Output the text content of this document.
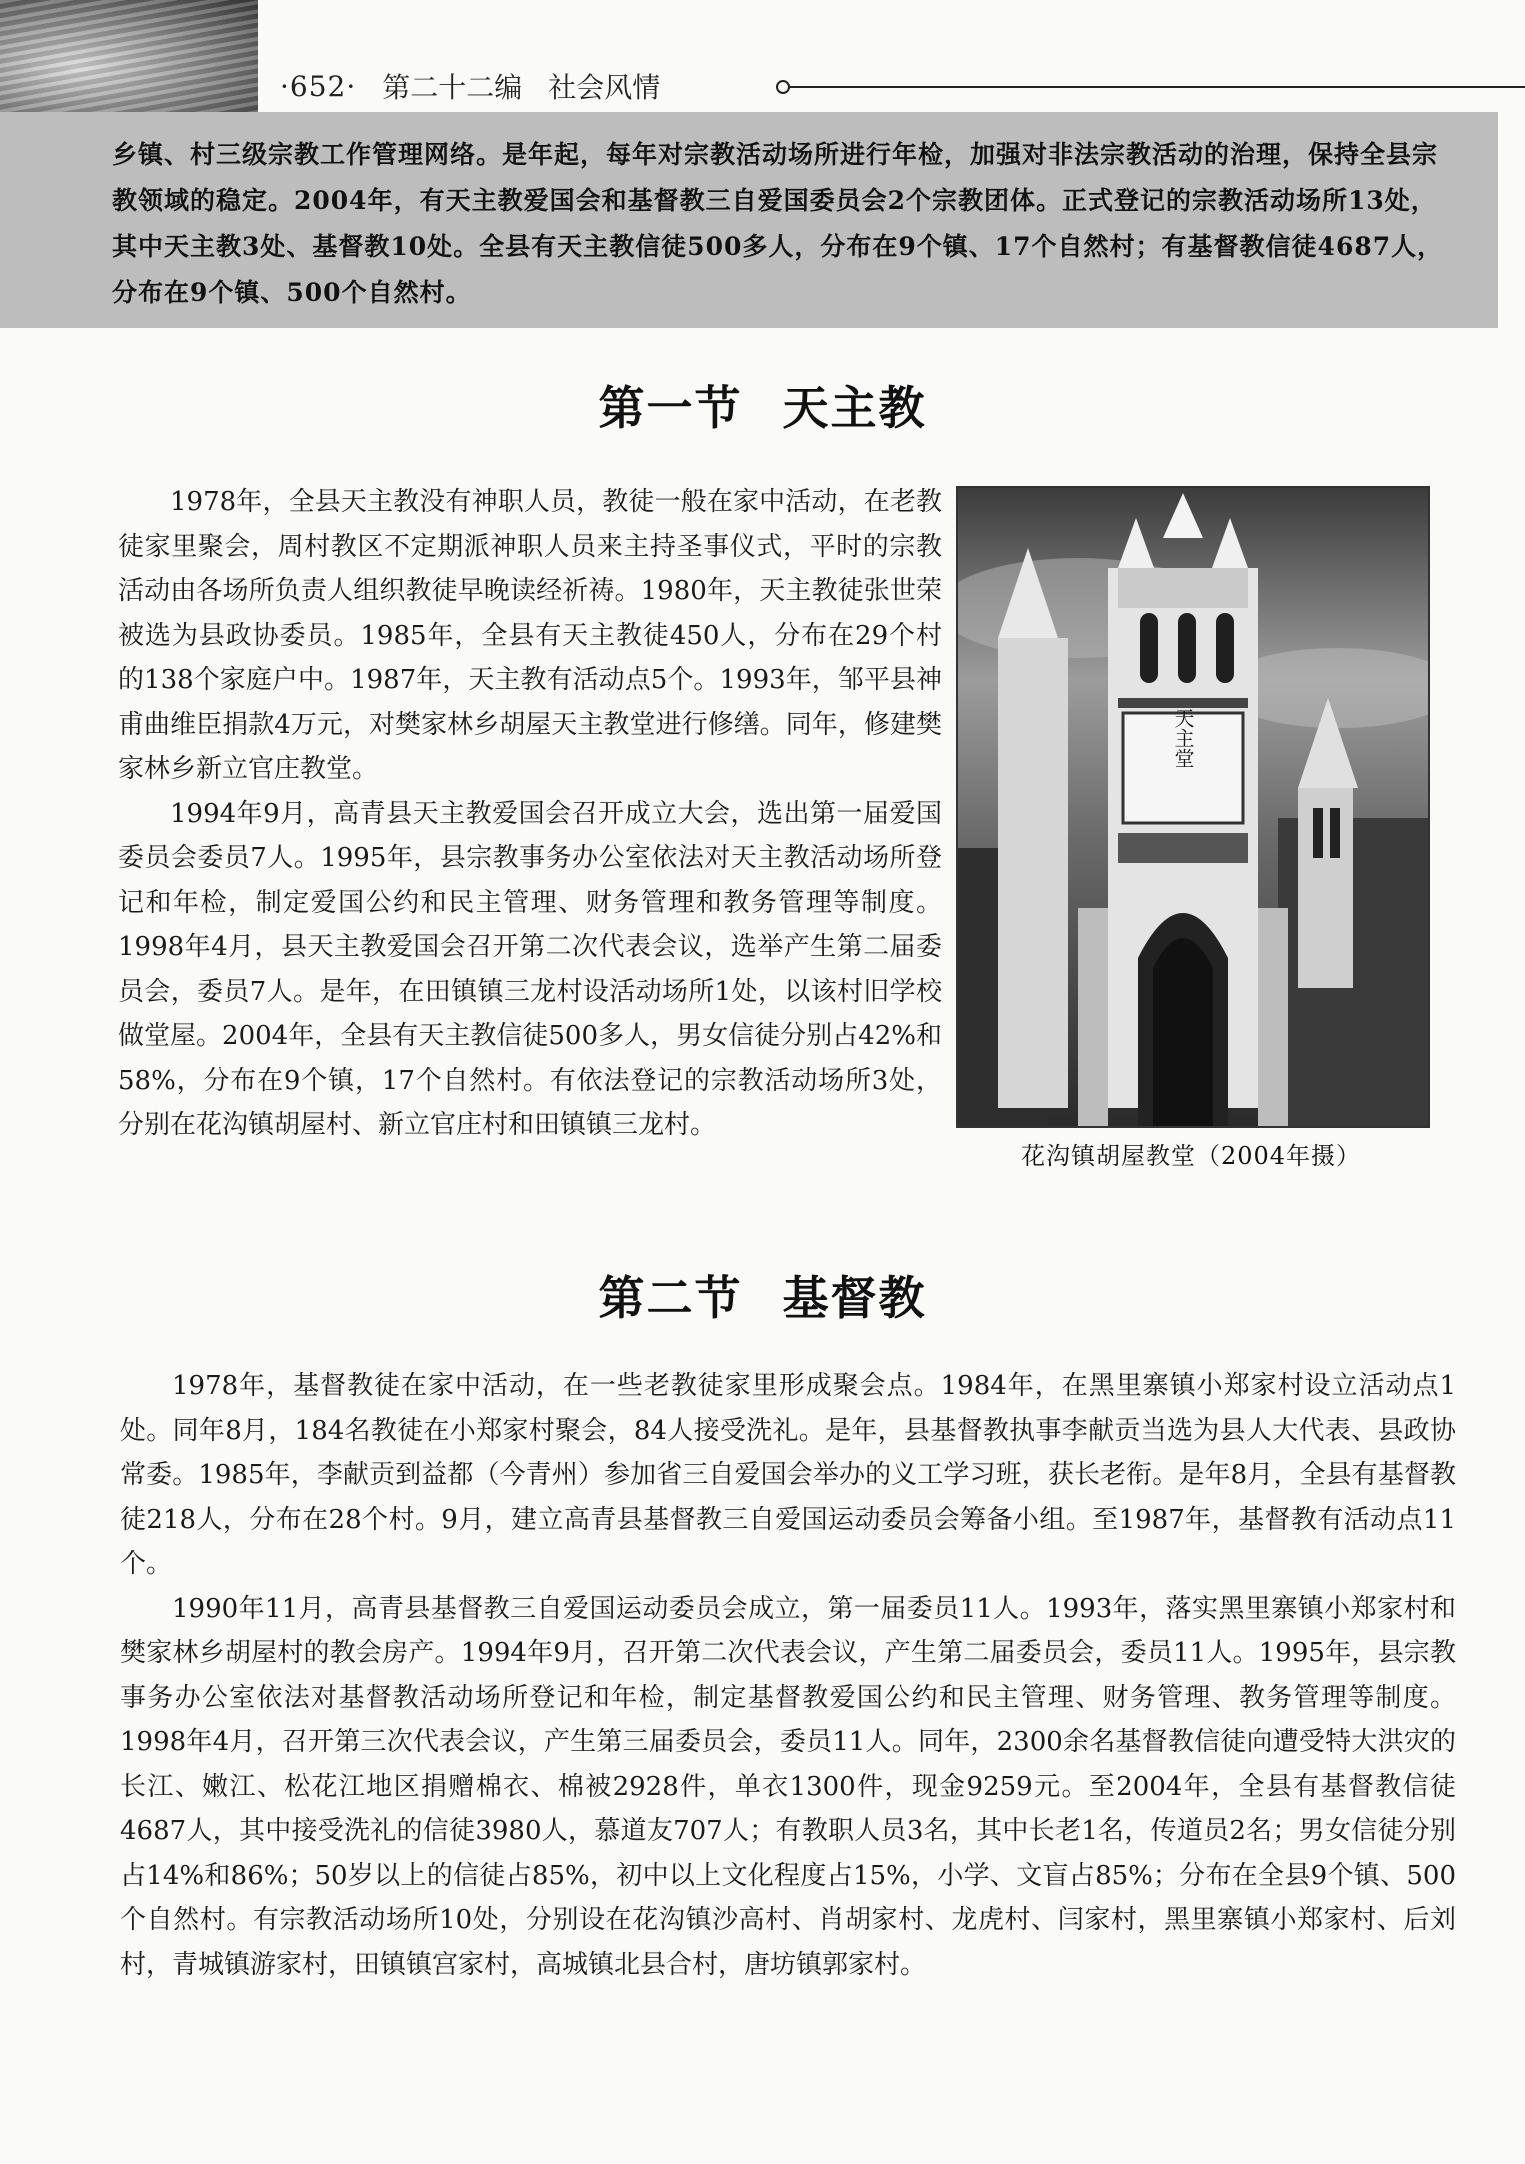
·652· 第二十二编 社会风情

乡镇、村三级宗教工作管理网络。是年起，每年对宗教活动场所进行年检，加强对非法宗教活动的治理，保持全县宗教领域的稳定。2004年，有天主教爱国会和基督教三自爱国委员会2个宗教团体。正式登记的宗教活动场所13处，其中天主教3处、基督教10处。全县有天主教信徒500多人，分布在9个镇、17个自然村；有基督教信徒4687人，分布在9个镇、500个自然村。

第一节 天主教

1978年，全县天主教没有神职人员，教徒一般在家中活动，在老教徒家里聚会，周村教区不定期派神职人员来主持圣事仪式，平时的宗教活动由各场所负责人组织教徒早晚读经祈祷。1980年，天主教徒张世荣被选为县政协委员。1985年，全县有天主教徒450人，分布在29个村的138个家庭户中。1987年，天主教有活动点5个。1993年，邹平县神甫曲维臣捐款4万元，对樊家林乡胡屋天主教堂进行修缮。同年，修建樊家林乡新立官庄教堂。

1994年9月，高青县天主教爱国会召开成立大会，选出第一届爱国委员会委员7人。1995年，县宗教事务办公室依法对天主教活动场所登记和年检，制定爱国公约和民主管理、财务管理和教务管理等制度。1998年4月，县天主教爱国会召开第二次代表会议，选举产生第二届委员会，委员7人。是年，在田镇镇三龙村设活动场所1处，以该村旧学校做堂屋。2004年，全县有天主教信徒500多人，男女信徒分别占42%和58%，分布在9个镇，17个自然村。有依法登记的宗教活动场所3处，分别在花沟镇胡屋村、新立官庄村和田镇镇三龙村。

天主堂
花沟镇胡屋教堂（2004年摄）
第二节 基督教

1978年，基督教徒在家中活动，在一些老教徒家里形成聚会点。1984年，在黑里寨镇小郑家村设立活动点1处。同年8月，184名教徒在小郑家村聚会，84人接受洗礼。是年，县基督教执事李献贡当选为县人大代表、县政协常委。1985年，李献贡到益都（今青州）参加省三自爱国会举办的义工学习班，获长老衔。是年8月，全县有基督教徒218人，分布在28个村。9月，建立高青县基督教三自爱国运动委员会筹备小组。至1987年，基督教有活动点11个。

1990年11月，高青县基督教三自爱国运动委员会成立，第一届委员11人。1993年，落实黑里寨镇小郑家村和樊家林乡胡屋村的教会房产。1994年9月，召开第二次代表会议，产生第二届委员会，委员11人。1995年，县宗教事务办公室依法对基督教活动场所登记和年检，制定基督教爱国公约和民主管理、财务管理、教务管理等制度。1998年4月，召开第三次代表会议，产生第三届委员会，委员11人。同年，2300余名基督教信徒向遭受特大洪灾的长江、嫩江、松花江地区捐赠棉衣、棉被2928件，单衣1300件，现金9259元。至2004年，全县有基督教信徒4687人，其中接受洗礼的信徒3980人，慕道友707人；有教职人员3名，其中长老1名，传道员2名；男女信徒分别占14%和86%；50岁以上的信徒占85%，初中以上文化程度占15%，小学、文盲占85%；分布在全县9个镇、500个自然村。有宗教活动场所10处，分别设在花沟镇沙高村、肖胡家村、龙虎村、闫家村，黑里寨镇小郑家村、后刘村，青城镇游家村，田镇镇宫家村，高城镇北县合村，唐坊镇郭家村。
